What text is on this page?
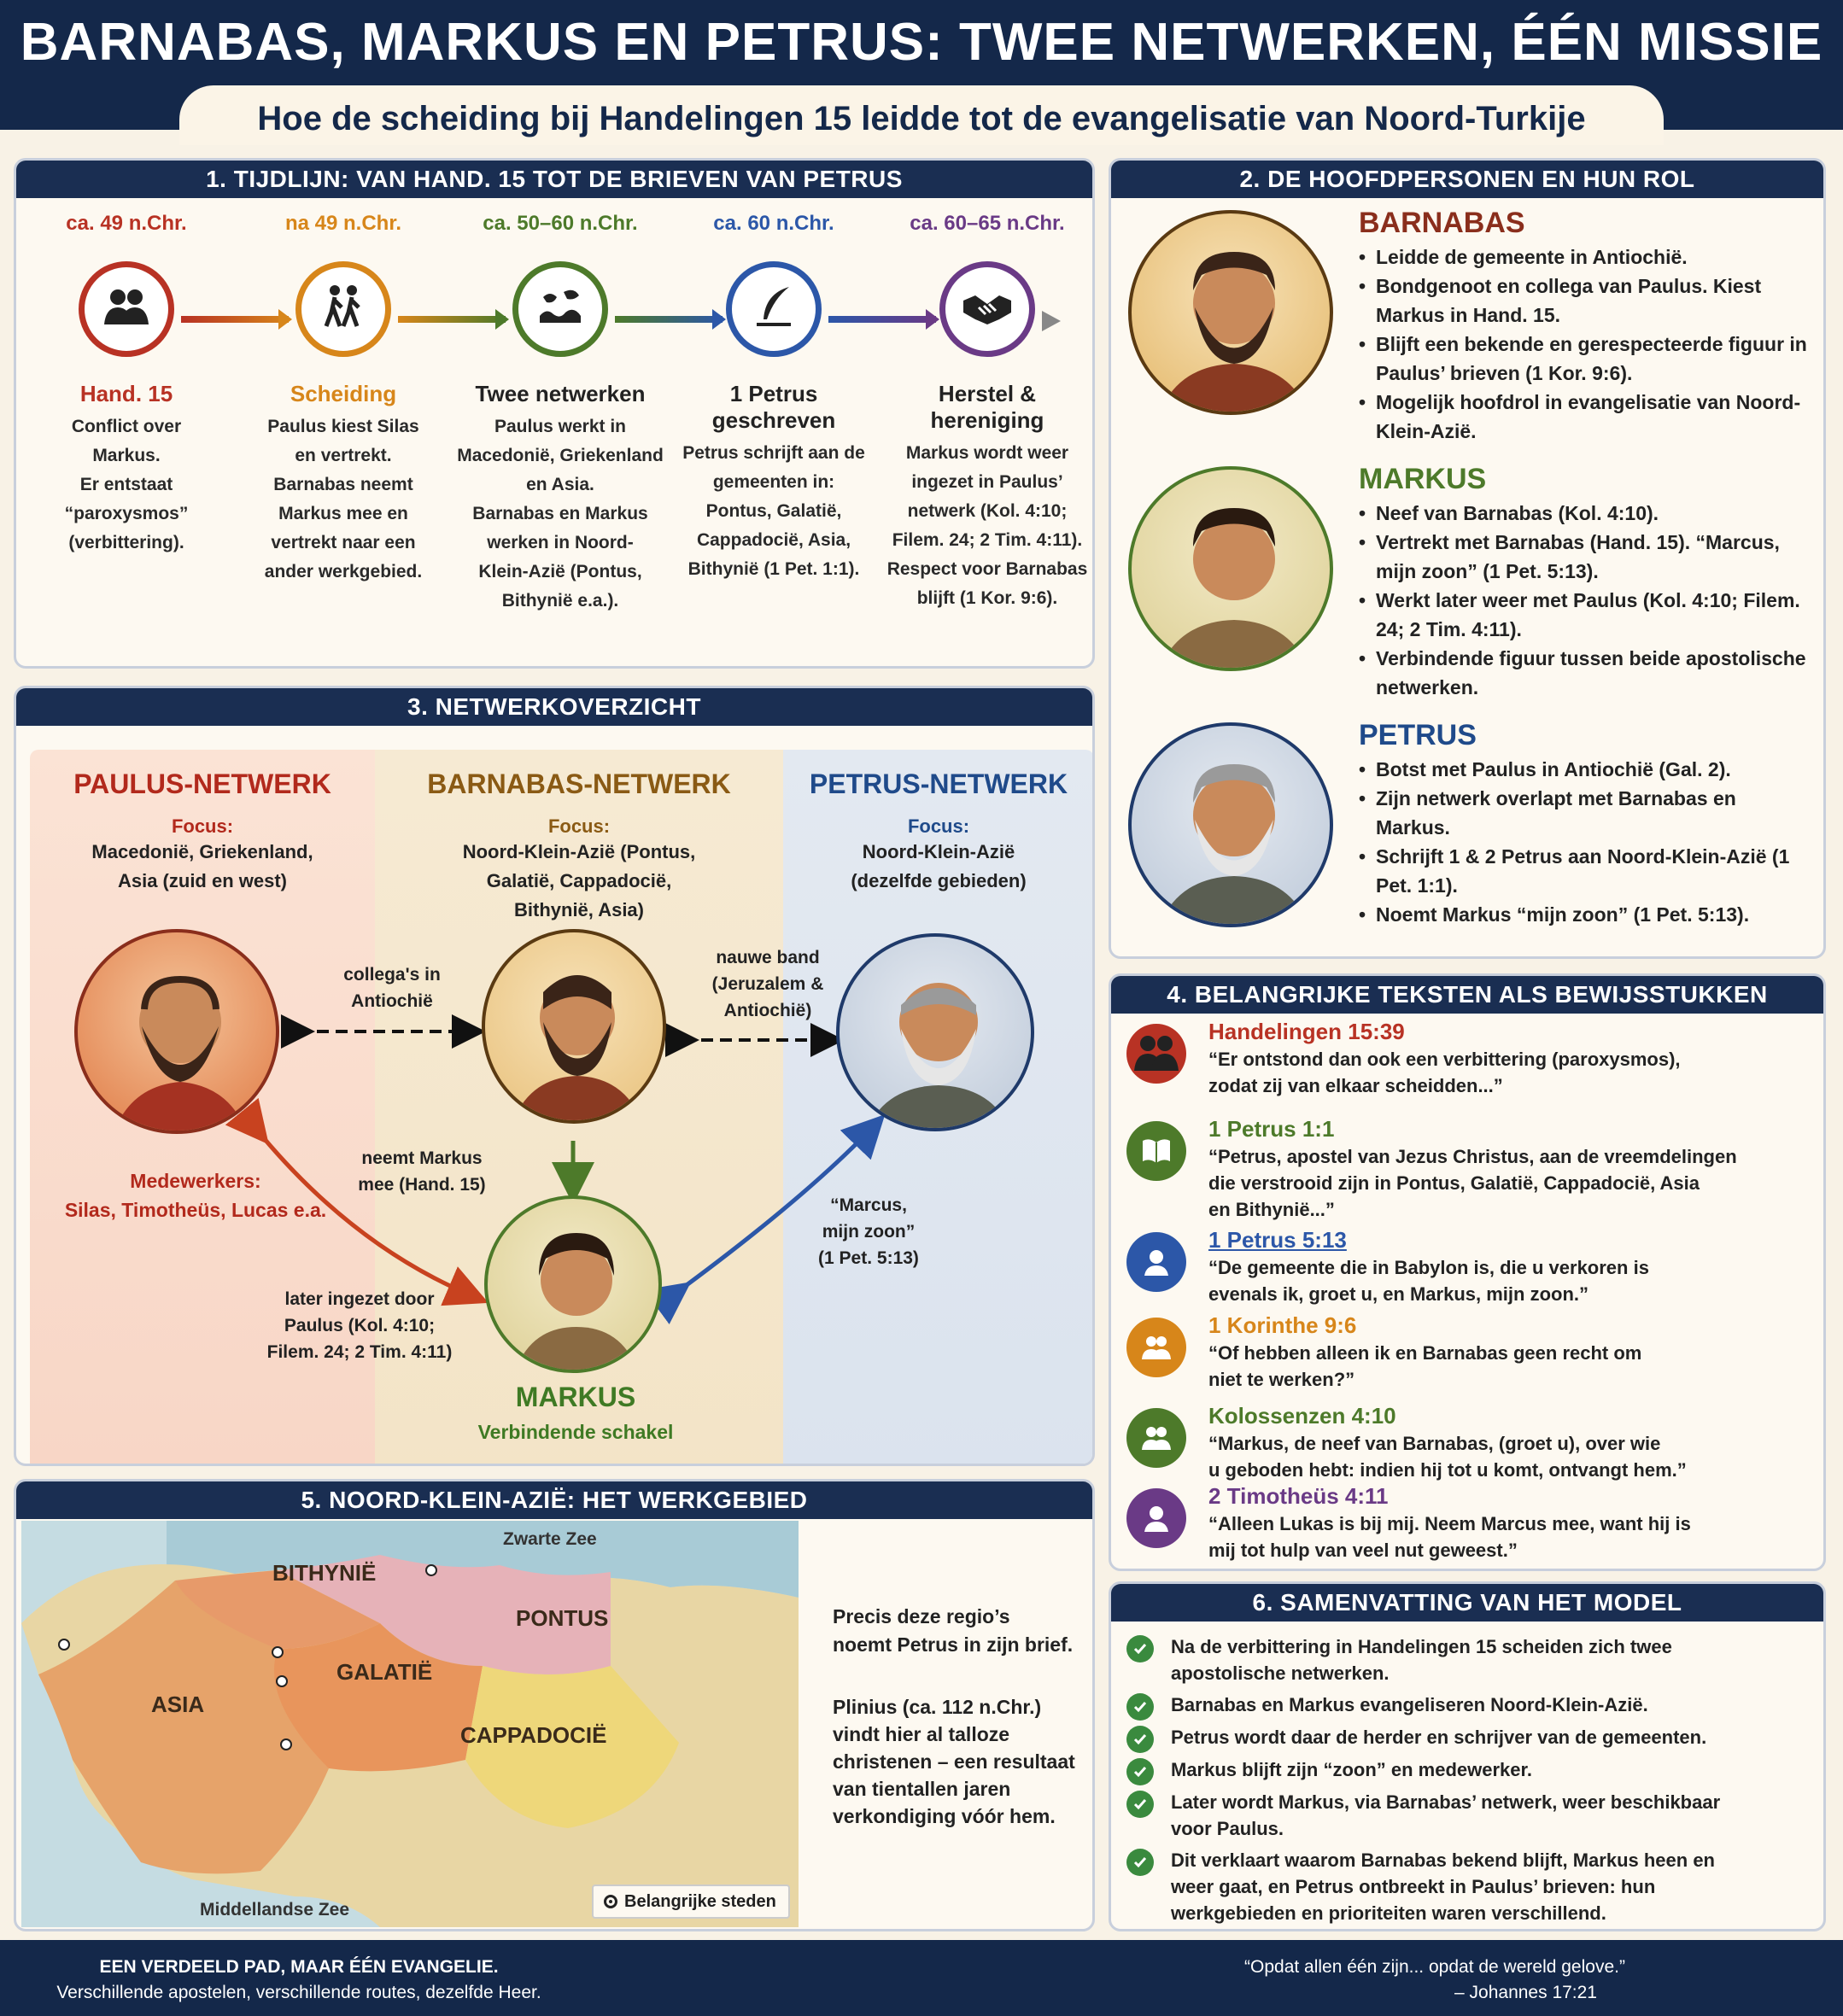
BARNABAS, MARKUS EN PETRUS: TWEE NETWERKEN, ÉÉN MISSIE
Hoe de scheiding bij Handelingen 15 leidde tot de evangelisatie van Noord-Turkije
1. TIJDLIJN: VAN HAND. 15 TOT DE BRIEVEN VAN PETRUS
ca. 49 n.Chr.
Hand. 15
Conflict over
Markus.
Er entstaat
“paroxysmos”
(verbittering).
na 49 n.Chr.
Scheiding
Paulus kiest Silas
en vertrekt.
Barnabas neemt
Markus mee en
vertrekt naar een
ander werkgebied.
ca. 50–60 n.Chr.
Twee netwerken
Paulus werkt in
Macedonië, Griekenland
en Asia.
Barnabas en Markus
werken in Noord-
Klein-Azië (Pontus,
Bithynië e.a.).
ca. 60 n.Chr.
1 Petrus geschreven
Petrus schrijft aan de
gemeenten in:
Pontus, Galatië,
Cappadocië, Asia,
Bithynië (1 Pet. 1:1).
ca. 60–65 n.Chr.
Herstel & hereniging
Markus wordt weer
ingezet in Paulus’
netwerk (Kol. 4:10;
Filem. 24; 2 Tim. 4:11).
Respect voor Barnabas
blijft (1 Kor. 9:6).
2. DE HOOFDPERSONEN EN HUN ROL
BARNABAS
• Leidde de gemeente in Antiochië.
• Bondgenoot en collega van Paulus. Kiest Markus in Hand. 15.
• Blijft een bekende en gerespecteerde figuur in Paulus’ brieven (1 Kor. 9:6).
• Mogelijk hoofdrol in evangelisatie van Noord-Klein-Azië.
MARKUS
• Neef van Barnabas (Kol. 4:10).
• Vertrekt met Barnabas (Hand. 15). “Marcus, mijn zoon” (1 Pet. 5:13).
• Werkt later weer met Paulus (Kol. 4:10; Filem. 24; 2 Tim. 4:11).
• Verbindende figuur tussen beide apostolische netwerken.
PETRUS
• Botst met Paulus in Antiochië (Gal. 2).
• Zijn netwerk overlapt met Barnabas en Markus.
• Schrijft 1 & 2 Petrus aan Noord-Klein-Azië (1 Pet. 1:1).
• Noemt Markus “mijn zoon” (1 Pet. 5:13).
3. NETWERKOVERZICHT
PAULUS-NETWERK
Focus:
Macedonië, Griekenland,
Asia (zuid en west)
BARNABAS-NETWERK
Focus:
Noord-Klein-Azië (Pontus,
Galatië, Cappadocië,
Bithynië, Asia)
PETRUS-NETWERK
Focus:
Noord-Klein-Azië
(dezelfde gebieden)
collega's in
Antiochië
nauwe band
(Jeruzalem &
Antiochië)
neemt Markus
mee (Hand. 15)
“Marcus,
mijn zoon”
(1 Pet. 5:13)
later ingezet door
Paulus (Kol. 4:10;
Filem. 24; 2 Tim. 4:11)
Medewerkers:
Silas, Timotheüs, Lucas e.a.
MARKUS
Verbindende schakel
4. BELANGRIJKE TEKSTEN ALS BEWIJSSTUKKEN
Handelingen 15:39
“Er ontstond dan ook een verbittering (paroxysmos),
zodat zij van elkaar scheidden...”
1 Petrus 1:1
“Petrus, apostel van Jezus Christus, aan de vreemdelingen
die verstrooid zijn in Pontus, Galatië, Cappadocië, Asia
en Bithynië...”
1 Petrus 5:13
“De gemeente die in Babylon is, die u verkoren is
evenals ik, groet u, en Markus, mijn zoon.”
1 Korinthe 9:6
“Of hebben alleen ik en Barnabas geen recht om
niet te werken?”
Kolossenzen 4:10
“Markus, de neef van Barnabas, (groet u), over wie
u geboden hebt: indien hij tot u komt, ontvangt hem.”
2 Timotheüs 4:11
“Alleen Lukas is bij mij. Neem Marcus mee, want hij is
mij tot hulp van veel nut geweest.”
5. NOORD-KLEIN-AZIË: HET WERKGEBIED
Zwarte Zee
BITHYNIË
PONTUS
GALATIË
ASIA
CAPPADOCIË
Middellandse Zee	Belangrijke steden
Precis deze regio’s
noemt Petrus in zijn brief.
Plinius (ca. 112 n.Chr.)
vindt hier al talloze
christenen – een resultaat
van tientallen jaren
verkondiging vóór hem.
6. SAMENVATTING VAN HET MODEL
Na de verbittering in Handelingen 15 scheiden zich twee
apostolische netwerken.
Barnabas en Markus evangeliseren Noord-Klein-Azië.
Petrus wordt daar de herder en schrijver van de gemeenten.
Markus blijft zijn “zoon” en medewerker.
Later wordt Markus, via Barnabas’ netwerk, weer beschikbaar
voor Paulus.
Dit verklaart waarom Barnabas bekend blijft, Markus heen en
weer gaat, en Petrus ontbreekt in Paulus’ brieven: hun
werkgebieden en prioriteiten waren verschillend.
EEN VERDEELD PAD, MAAR ÉÉN EVANGELIE.
Verschillende apostelen, verschillende routes, dezelfde Heer.
“Opdat allen één zijn... opdat de wereld gelove.”
– Johannes 17:21
